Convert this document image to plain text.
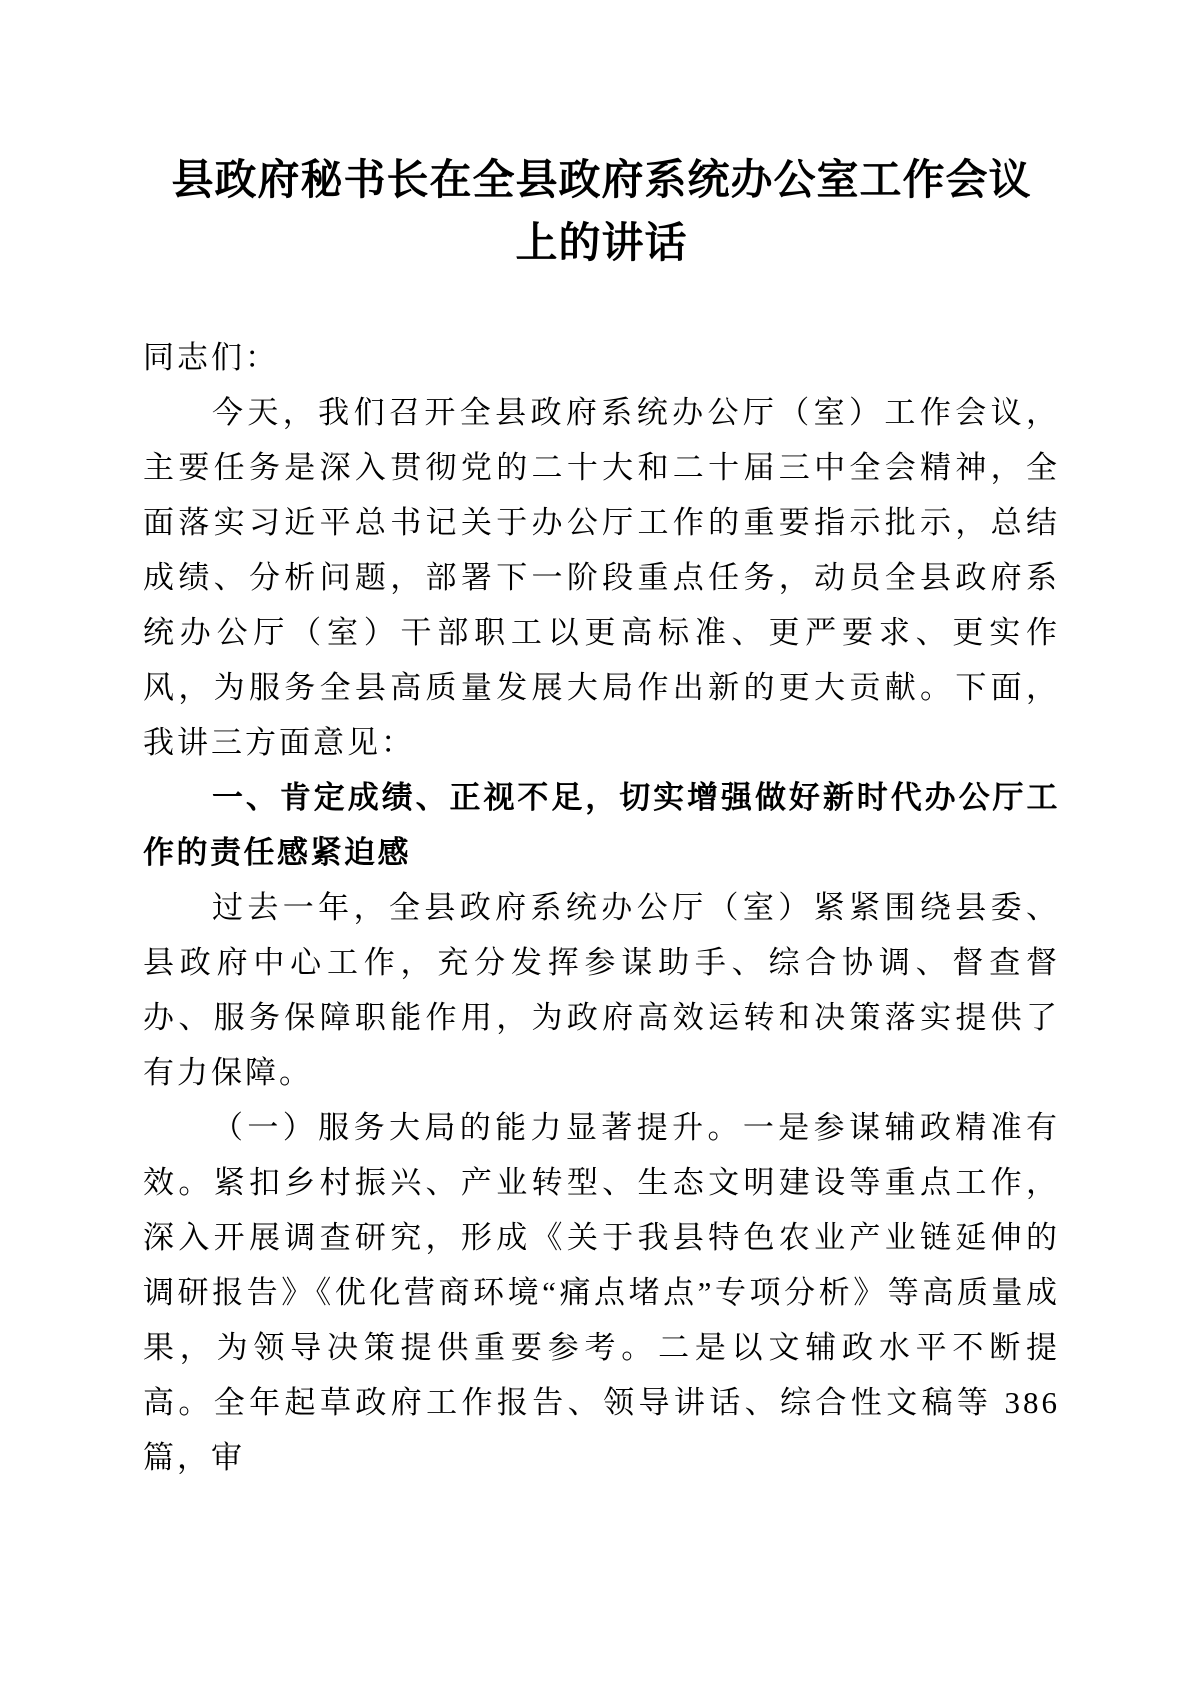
县政府秘书长在全县政府系统办公室工作会议
上的讲话

同志们：

今天，我们召开全县政府系统办公厅（室）工作会议，主要任务是深入贯彻党的二十大和二十届三中全会精神，全面落实习近平总书记关于办公厅工作的重要指示批示，总结成绩、分析问题，部署下一阶段重点任务，动员全县政府系统办公厅（室）干部职工以更高标准、更严要求、更实作风，为服务全县高质量发展大局作出新的更大贡献。下面，我讲三方面意见：

一、肯定成绩、正视不足，切实增强做好新时代办公厅工作的责任感紧迫感

过去一年，全县政府系统办公厅（室）紧紧围绕县委、县政府中心工作，充分发挥参谋助手、综合协调、督查督办、服务保障职能作用，为政府高效运转和决策落实提供了有力保障。

（一）服务大局的能力显著提升。一是参谋辅政精准有效。紧扣乡村振兴、产业转型、生态文明建设等重点工作，深入开展调查研究，形成《关于我县特色农业产业链延伸的调研报告》《优化营商环境“痛点堵点”专项分析》等高质量成果，为领导决策提供重要参考。二是以文辅政水平不断提高。全年起草政府工作报告、领导讲话、综合性文稿等 386 篇，审
